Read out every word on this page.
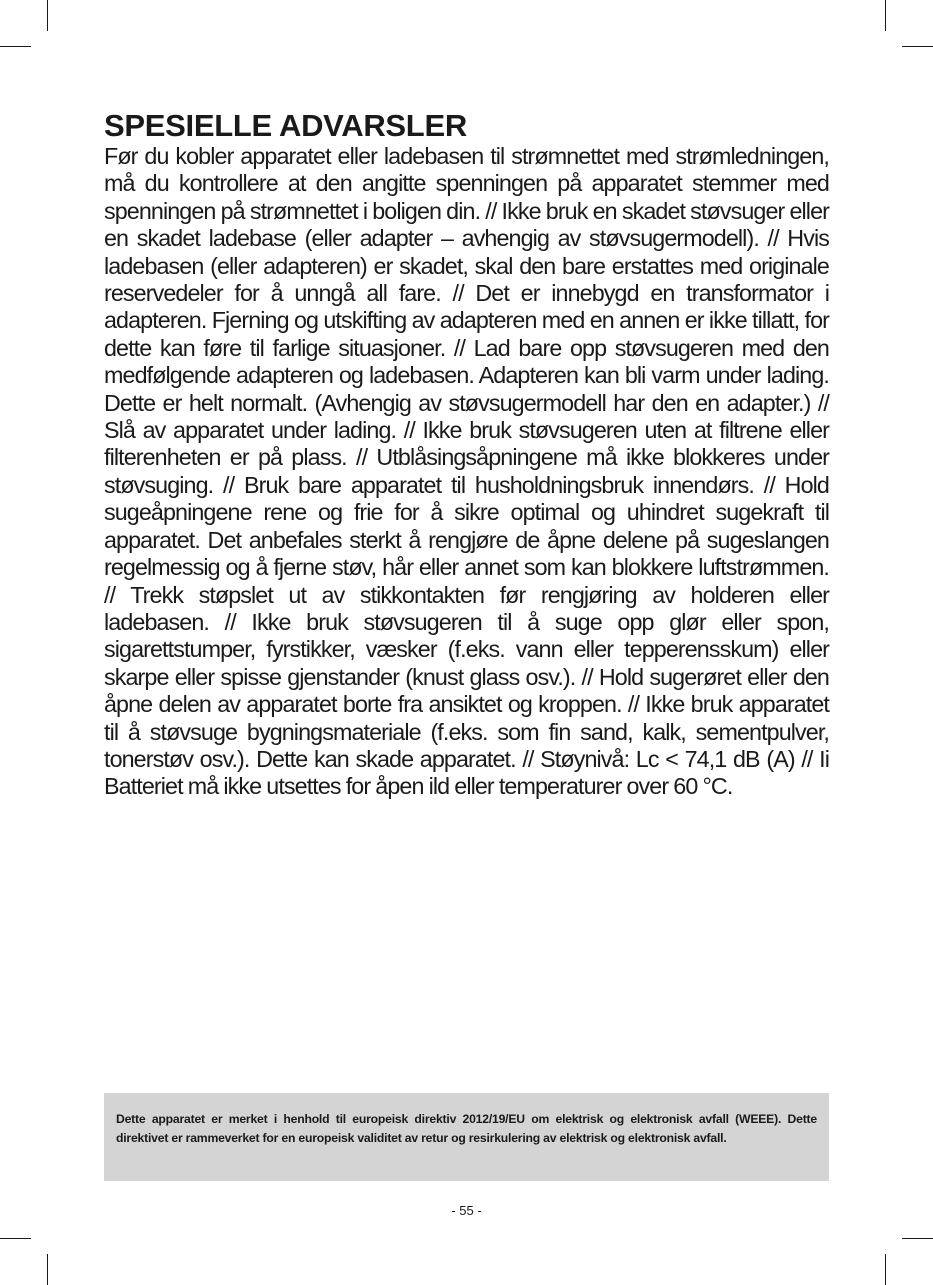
SPESIELLE ADVARSLER

Før du kobler apparatet eller ladebasen til strømnettet med strømledningen, må du kontrollere at den angitte spenningen på apparatet stemmer med spenningen på strømnettet i boligen din. // Ikke bruk en skadet støvsuger eller en skadet ladebase (eller adapter – avhengig av støvsugermodell). // Hvis ladebasen (eller adapteren) er skadet, skal den bare erstattes med originale reservedeler for å unngå all fare. // Det er innebygd en transformator i adapteren. Fjerning og utskifting av adapteren med en annen er ikke tillatt, for dette kan føre til farlige situasjoner. // Lad bare opp støvsugeren med den medfølgende adapteren og ladebasen. Adapteren kan bli varm under lading. Dette er helt normalt. (Avhengig av støvsugermodell har den en adapter.) // Slå av apparatet under lading. // Ikke bruk støvsugeren uten at filtrene eller filterenheten er på plass. // Utblåsingsåpningene må ikke blokkeres under støvsuging. // Bruk bare apparatet til husholdningsbruk innendørs. // Hold sugeåpningene rene og frie for å sikre optimal og uhindret sugekraft til apparatet. Det anbefales sterkt å rengjøre de åpne delene på sugeslangen regelmessig og å fjerne støv, hår eller annet som kan blokkere luftstrømmen. // Trekk støpslet ut av stikkontakten før rengjøring av holderen eller ladebasen. // Ikke bruk støvsugeren til å suge opp glør eller spon, sigarettstumper, fyrstikker, væsker (f.eks. vann eller tepperensskum) eller skarpe eller spisse gjenstander (knust glass osv.). // Hold sugerøret eller den åpne delen av apparatet borte fra ansiktet og kroppen. // Ikke bruk apparatet til å støvsuge bygningsmateriale (f.eks. som fin sand, kalk, sementpulver, tonerstøv osv.). Dette kan skade apparatet. // Støynivå: Lc < 74,1 dB (A) // Ii Batteriet må ikke utsettes for åpen ild eller temperaturer over 60 °C.

Dette apparatet er merket i henhold til europeisk direktiv 2012/19/EU om elektrisk og elektronisk avfall (WEEE). Dette direktivet er rammeverket for en europeisk validitet av retur og resirkulering av elektrisk og elektronisk avfall.

- 55 -
